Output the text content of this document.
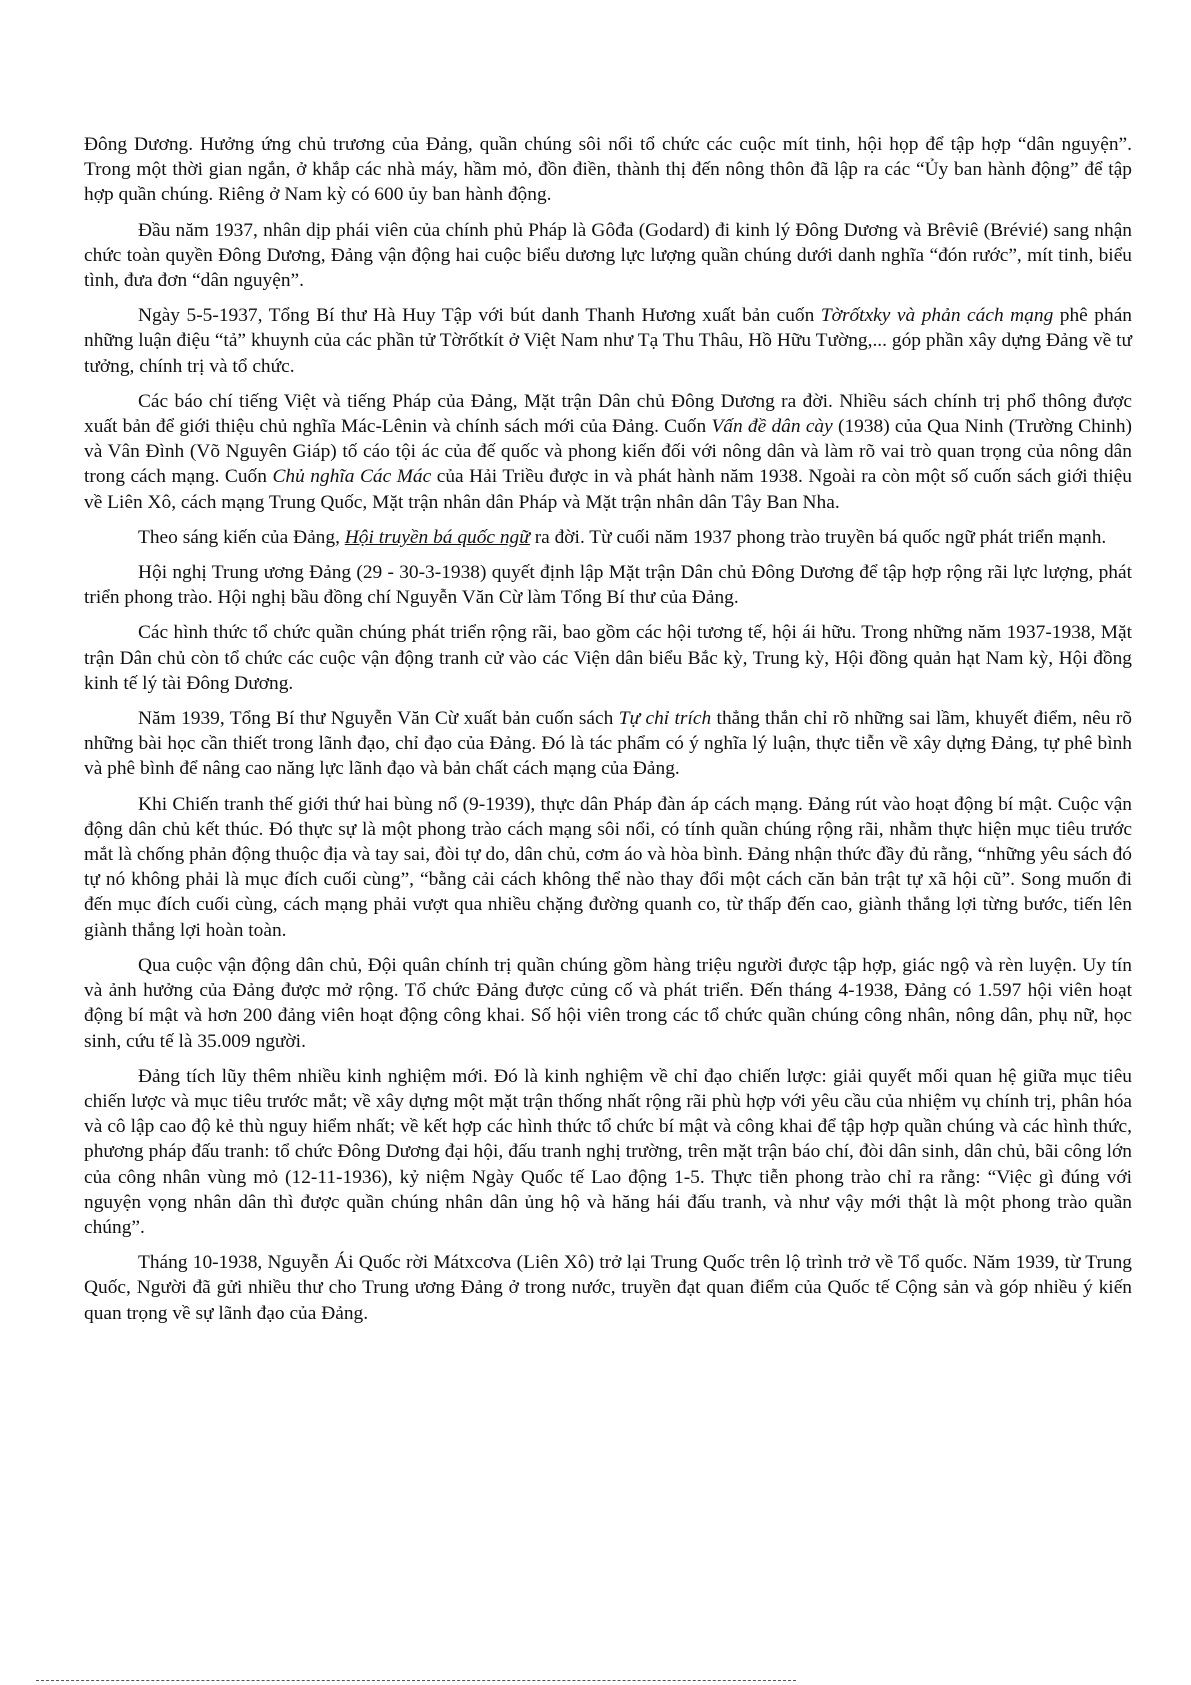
Đông Dương. Hưởng ứng chủ trương của Đảng, quần chúng sôi nổi tổ chức các cuộc mít tinh, hội họp để tập hợp “dân nguyện”. Trong một thời gian ngắn, ở khắp các nhà máy, hầm mỏ, đồn điền, thành thị đến nông thôn đã lập ra các “Ủy ban hành động” để tập hợp quần chúng. Riêng ở Nam kỳ có 600 ủy ban hành động.

Đầu năm 1937, nhân dịp phái viên của chính phủ Pháp là Gôđa (Godard) đi kinh lý Đông Dương và Brêviê (Brévié) sang nhận chức toàn quyền Đông Dương, Đảng vận động hai cuộc biểu dương lực lượng quần chúng dưới danh nghĩa “đón rước”, mít tinh, biểu tình, đưa đơn “dân nguyện”.

Ngày 5-5-1937, Tổng Bí thư Hà Huy Tập với bút danh Thanh Hương xuất bản cuốn Tờrốtxky và phản cách mạng phê phán những luận điệu “tả” khuynh của các phần tử Tờrốtkít ở Việt Nam như Tạ Thu Thâu, Hồ Hữu Tường,... góp phần xây dựng Đảng về tư tưởng, chính trị và tổ chức.

Các báo chí tiếng Việt và tiếng Pháp của Đảng, Mặt trận Dân chủ Đông Dương ra đời. Nhiều sách chính trị phổ thông được xuất bản để giới thiệu chủ nghĩa Mác-Lênin và chính sách mới của Đảng. Cuốn Vấn đề dân cày (1938) của Qua Ninh (Trường Chinh) và Vân Đình (Võ Nguyên Giáp) tố cáo tội ác của đế quốc và phong kiến đối với nông dân và làm rõ vai trò quan trọng của nông dân trong cách mạng. Cuốn Chủ nghĩa Các Mác của Hải Triều được in và phát hành năm 1938. Ngoài ra còn một số cuốn sách giới thiệu về Liên Xô, cách mạng Trung Quốc, Mặt trận nhân dân Pháp và Mặt trận nhân dân Tây Ban Nha.

Theo sáng kiến của Đảng, Hội truyền bá quốc ngữ ra đời. Từ cuối năm 1937 phong trào truyền bá quốc ngữ phát triển mạnh.

Hội nghị Trung ương Đảng (29 - 30-3-1938) quyết định lập Mặt trận Dân chủ Đông Dương để tập hợp rộng rãi lực lượng, phát triển phong trào. Hội nghị bầu đồng chí Nguyễn Văn Cừ làm Tổng Bí thư của Đảng.

Các hình thức tổ chức quần chúng phát triển rộng rãi, bao gồm các hội tương tế, hội ái hữu. Trong những năm 1937-1938, Mặt trận Dân chủ còn tổ chức các cuộc vận động tranh cử vào các Viện dân biểu Bắc kỳ, Trung kỳ, Hội đồng quản hạt Nam kỳ, Hội đồng kinh tế lý tài Đông Dương.

Năm 1939, Tổng Bí thư Nguyễn Văn Cừ xuất bản cuốn sách Tự chỉ trích thẳng thắn chỉ rõ những sai lầm, khuyết điểm, nêu rõ những bài học cần thiết trong lãnh đạo, chỉ đạo của Đảng. Đó là tác phẩm có ý nghĩa lý luận, thực tiễn về xây dựng Đảng, tự phê bình và phê bình để nâng cao năng lực lãnh đạo và bản chất cách mạng của Đảng.

Khi Chiến tranh thế giới thứ hai bùng nổ (9-1939), thực dân Pháp đàn áp cách mạng. Đảng rút vào hoạt động bí mật. Cuộc vận động dân chủ kết thúc. Đó thực sự là một phong trào cách mạng sôi nổi, có tính quần chúng rộng rãi, nhằm thực hiện mục tiêu trước mắt là chống phản động thuộc địa và tay sai, đòi tự do, dân chủ, cơm áo và hòa bình. Đảng nhận thức đầy đủ rằng, “những yêu sách đó tự nó không phải là mục đích cuối cùng”, “bằng cải cách không thể nào thay đổi một cách căn bản trật tự xã hội cũ”. Song muốn đi đến mục đích cuối cùng, cách mạng phải vượt qua nhiều chặng đường quanh co, từ thấp đến cao, giành thắng lợi từng bước, tiến lên giành thắng lợi hoàn toàn.

Qua cuộc vận động dân chủ, Đội quân chính trị quần chúng gồm hàng triệu người được tập hợp, giác ngộ và rèn luyện. Uy tín và ảnh hưởng của Đảng được mở rộng. Tổ chức Đảng được củng cố và phát triển. Đến tháng 4-1938, Đảng có 1.597 hội viên hoạt động bí mật và hơn 200 đảng viên hoạt động công khai. Số hội viên trong các tổ chức quần chúng công nhân, nông dân, phụ nữ, học sinh, cứu tế là 35.009 người.

Đảng tích lũy thêm nhiều kinh nghiệm mới. Đó là kinh nghiệm về chỉ đạo chiến lược: giải quyết mối quan hệ giữa mục tiêu chiến lược và mục tiêu trước mắt; về xây dựng một mặt trận thống nhất rộng rãi phù hợp với yêu cầu của nhiệm vụ chính trị, phân hóa và cô lập cao độ kẻ thù nguy hiểm nhất; về kết hợp các hình thức tổ chức bí mật và công khai để tập hợp quần chúng và các hình thức, phương pháp đấu tranh: tổ chức Đông Dương đại hội, đấu tranh nghị trường, trên mặt trận báo chí, đòi dân sinh, dân chủ, bãi công lớn của công nhân vùng mỏ (12-11-1936), kỷ niệm Ngày Quốc tế Lao động 1-5. Thực tiễn phong trào chỉ ra rằng: “Việc gì đúng với nguyện vọng nhân dân thì được quần chúng nhân dân ủng hộ và hăng hái đấu tranh, và như vậy mới thật là một phong trào quần chúng”.

Tháng 10-1938, Nguyễn Ái Quốc rời Mátxcơva (Liên Xô) trở lại Trung Quốc trên lộ trình trở về Tổ quốc. Năm 1939, từ Trung Quốc, Người đã gửi nhiều thư cho Trung ương Đảng ở trong nước, truyền đạt quan điểm của Quốc tế Cộng sản và góp nhiều ý kiến quan trọng về sự lãnh đạo của Đảng.
